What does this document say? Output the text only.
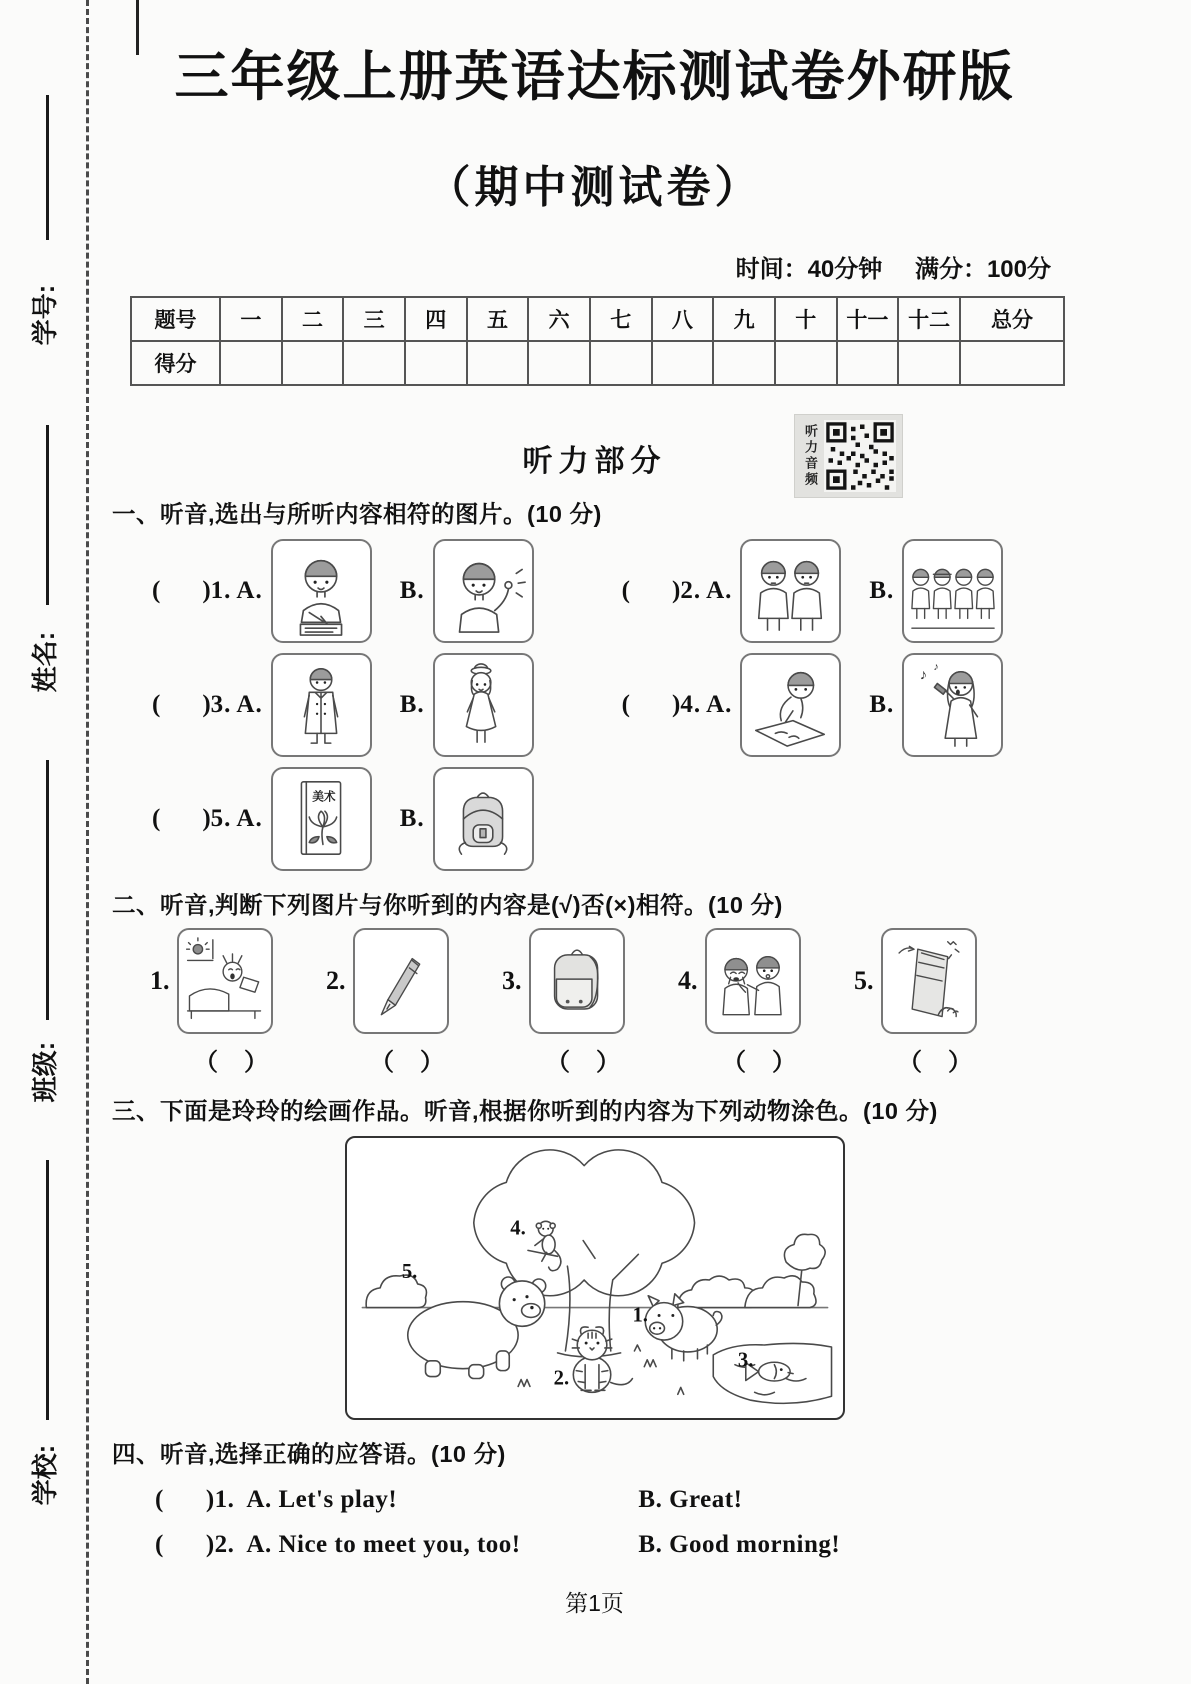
学号:
姓名:
班级:
学校:
三年级上册英语达标测试卷外研版
（期中测试卷）
时间：40分钟 满分：100分
题号	一	二	三	四	五	六	七	八	九	十	十一	十二	总分
得分													
听力部分	听力音频
一、听音,选出与所听内容相符的图片。(10 分)
( ) 1. A.	B.	( ) 2. A.	B.
( ) 3. A.	B.	( ) 4. A.	B.
♪
♪
( ) 5. A.
美术
B.
二、听音,判断下列图片与你听到的内容是(√)否(×)相符。(10 分)
1.
（ ）
2.
（ ）
3.
（ ）
4.
（ ）
5.
（ ）
三、下面是玲玲的绘画作品。听音,根据你听到的内容为下列动物涂色。(10 分)
4.
5.
1.
2.
3.
四、听音,选择正确的应答语。(10 分)
( ) 1. A. Let's play!	B. Great!
( ) 2. A. Nice to meet you, too!	B. Good morning!
第1页
